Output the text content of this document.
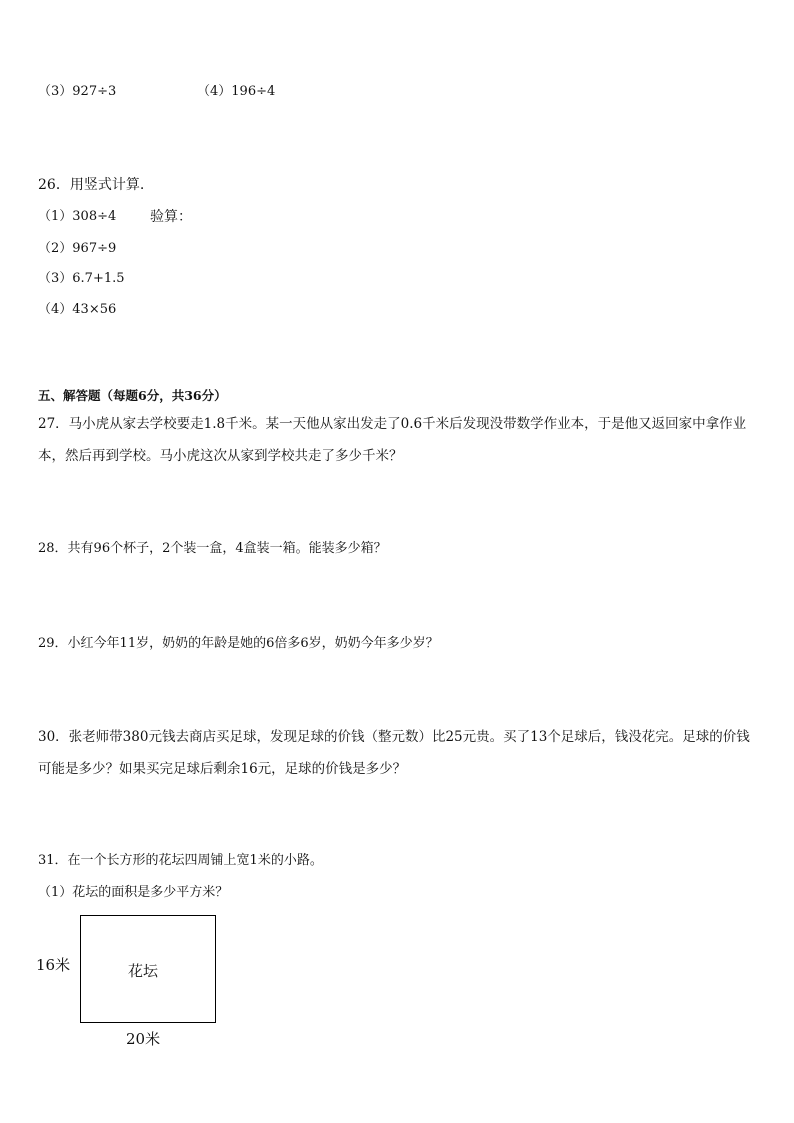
（3）927÷3	（4）196÷4
26．用竖式计算.
（1）308÷4 验算：
（2）967÷9
（3）6.7+1.5
（4）43×56
五、解答题（每题6分，共36分）
27．马小虎从家去学校要走1.8千米。某一天他从家出发走了0.6千米后发现没带数学作业本，于是他又返回家中拿作业本，然后再到学校。马小虎这次从家到学校共走了多少千米？
28．共有96个杯子，2个装一盒，4盒装一箱。能装多少箱？
29．小红今年11岁，奶奶的年龄是她的6倍多6岁，奶奶今年多少岁？
30．张老师带380元钱去商店买足球，发现足球的价钱（整元数）比25元贵。买了13个足球后，钱没花完。足球的价钱可能是多少？如果买完足球后剩余16元，足球的价钱是多少？
31．在一个长方形的花坛四周铺上宽1米的小路。
（1）花坛的面积是多少平方米？
花坛
16米
20米
